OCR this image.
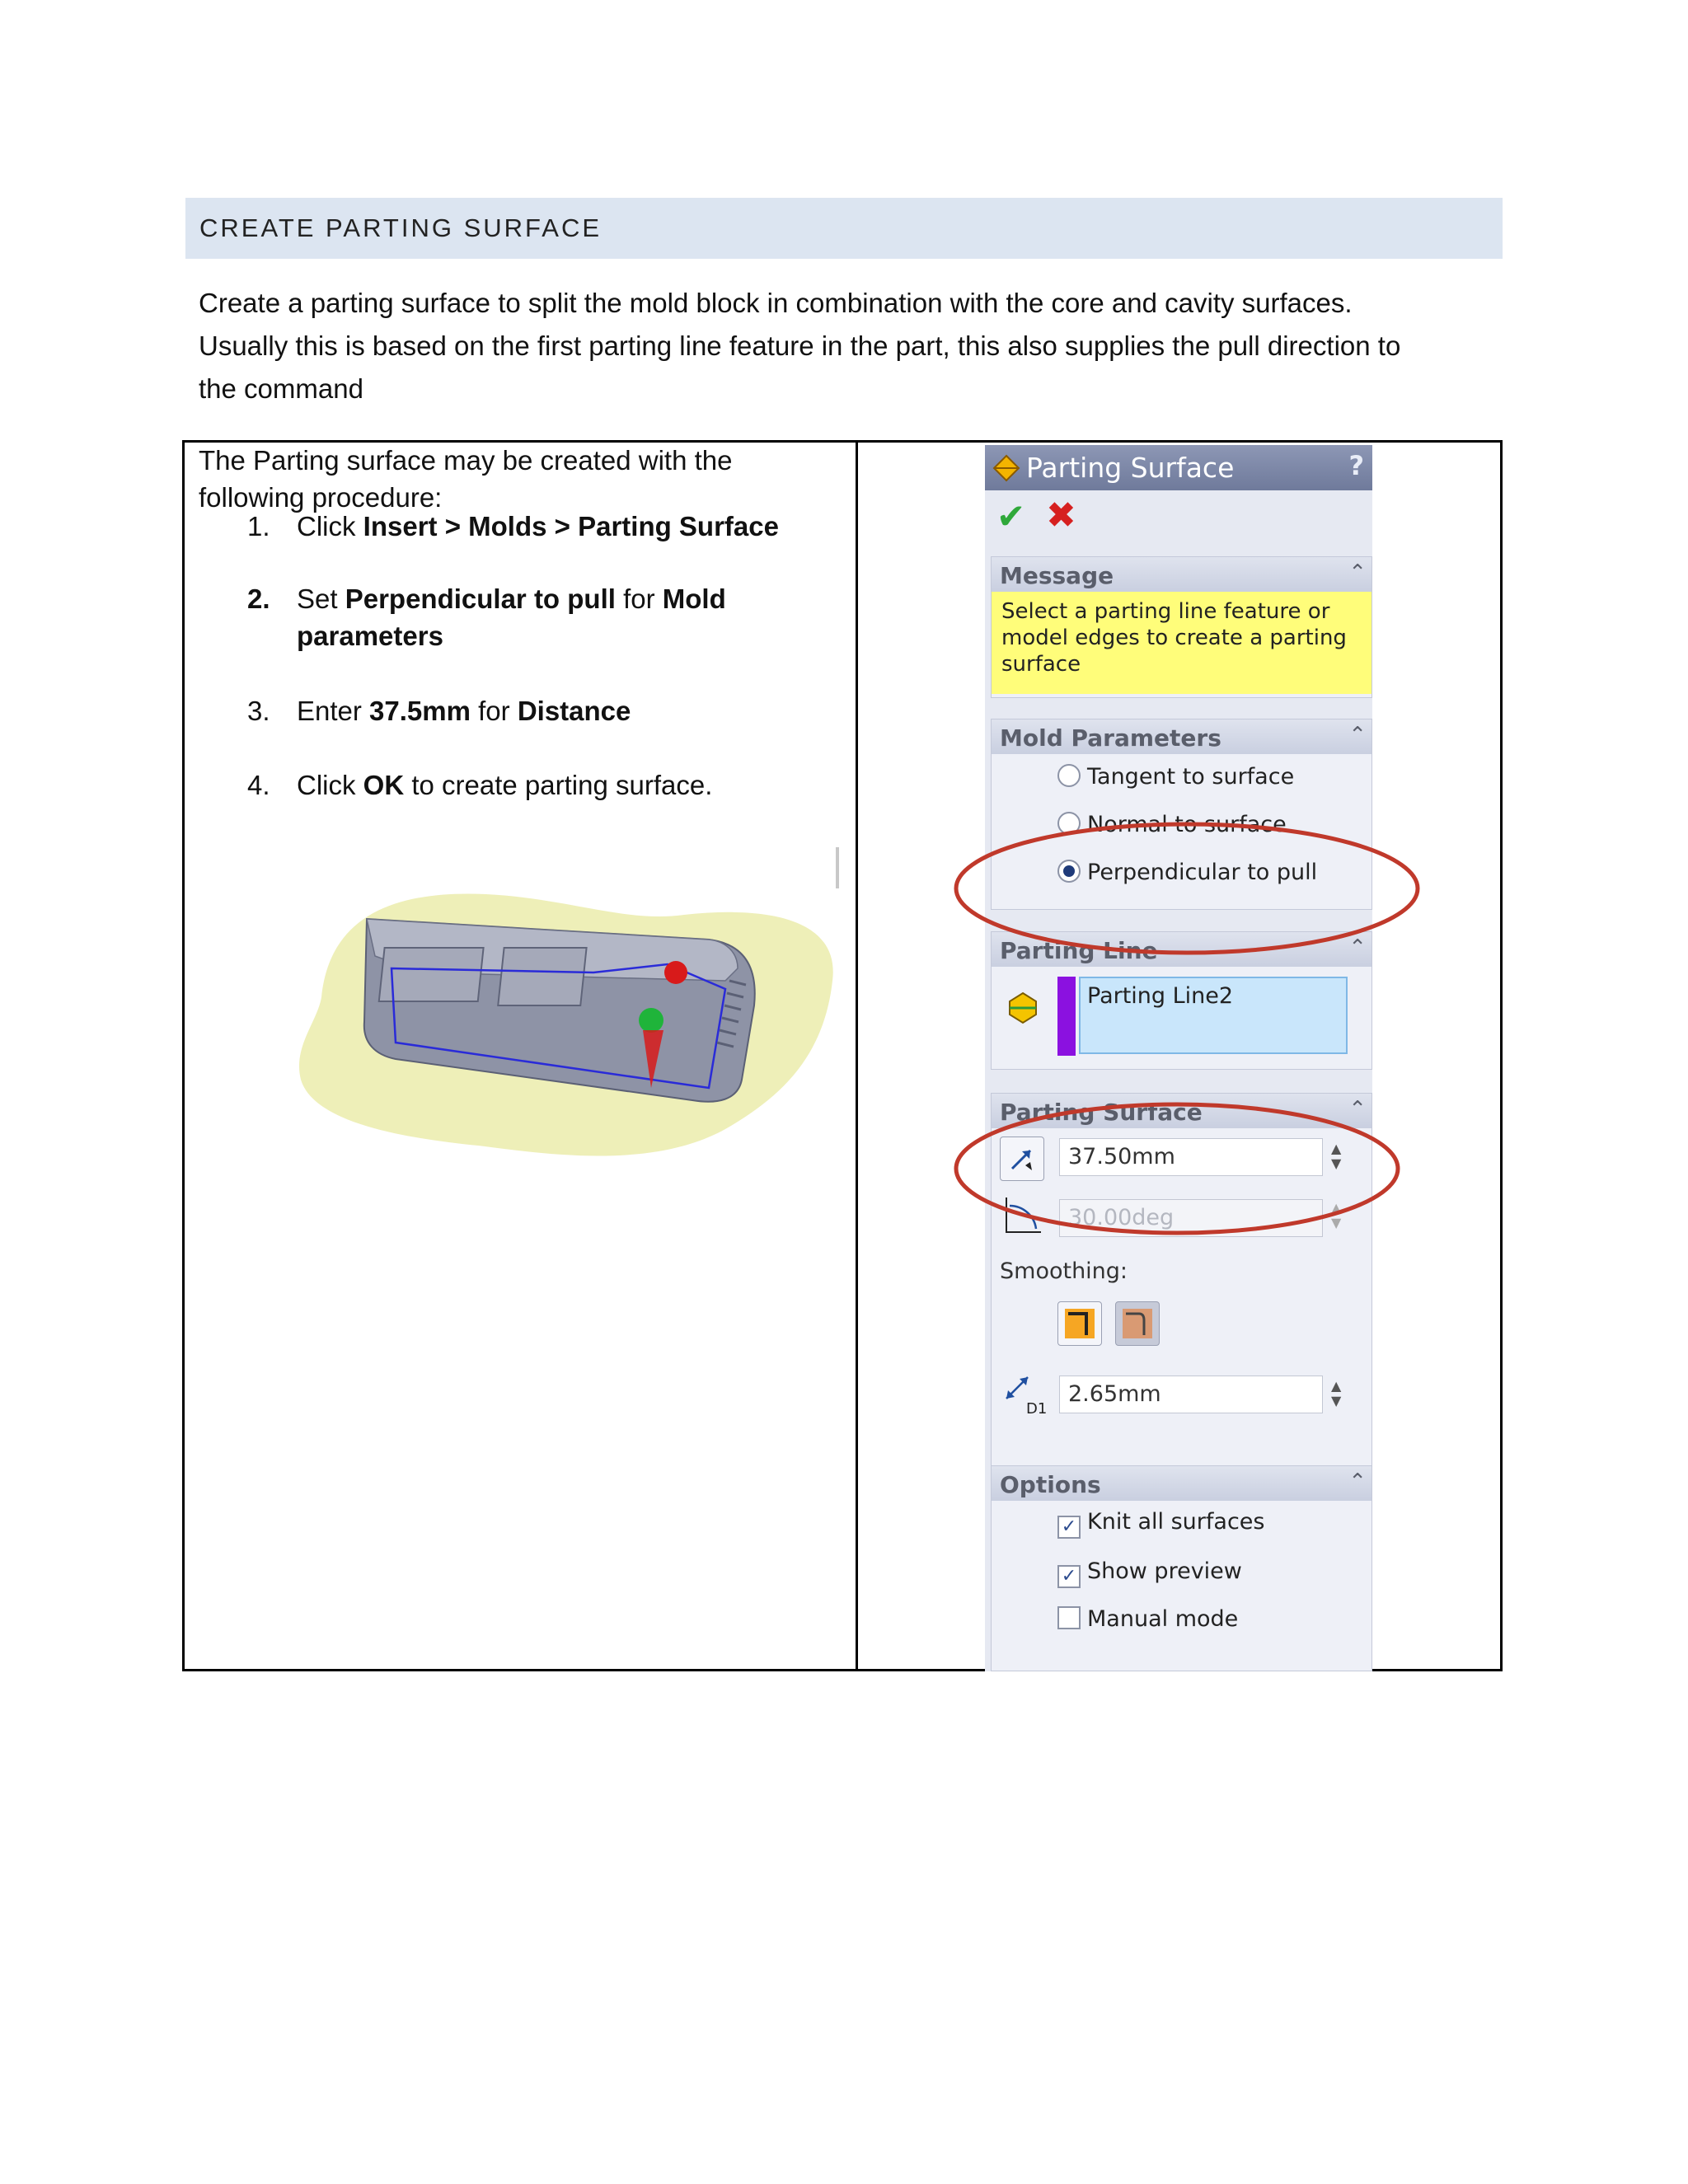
CREATE PARTING SURFACE

Create a parting surface to split the mold block in combination with the core and cavity surfaces.

Usually this is based on the first parting line feature in the part, this also supplies the pull direction to

the command

The Parting surface may be created with the following procedure:
1. Click Insert > Molds > Parting Surface
2. Set Perpendicular to pull for Mold parameters
3. Enter 37.5mm for Distance
4. Click OK to create parting surface.
Parting Surface	?
✔ ✖
Message	⌃
Select a parting line feature or model edges to create a parting surface
Mold Parameters	⌃
Tangent to surface
Normal to surface
Perpendicular to pull
Parting Line	⌃
Parting Line2
Parting Surface	⌃
37.50mm	▲
▼
30.00deg	▲
▼
Smoothing:
D1
2.65mm	▲
▼
Options	⌃
✓ Knit all surfaces
✓ Show preview
Manual mode
